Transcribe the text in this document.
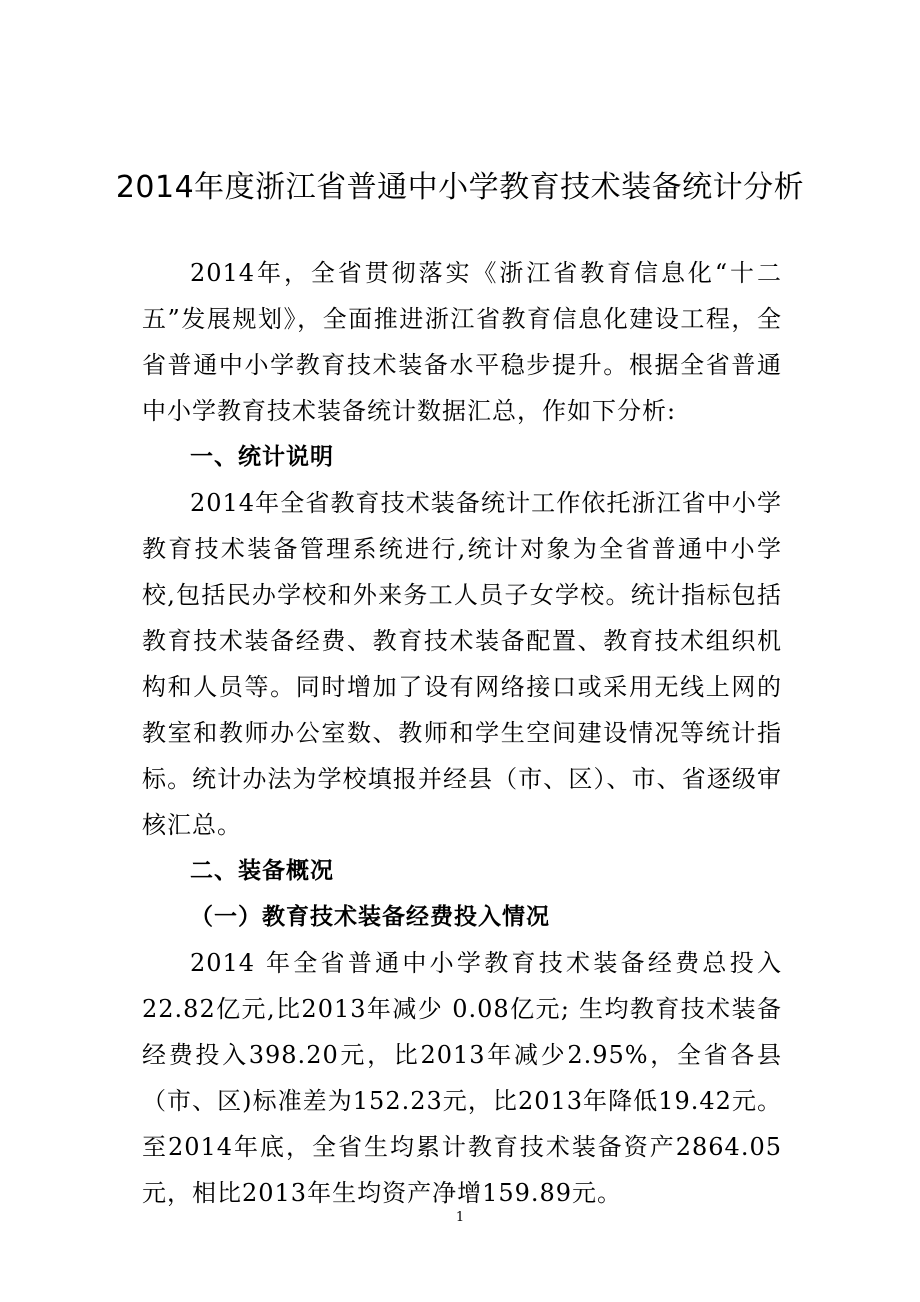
2014年度浙江省普通中小学教育技术装备统计分析

2014年，全省贯彻落实《浙江省教育信息化“十二五”发展规划》，全面推进浙江省教育信息化建设工程，全省普通中小学教育技术装备水平稳步提升。根据全省普通中小学教育技术装备统计数据汇总，作如下分析:

一、统计说明

2014年全省教育技术装备统计工作依托浙江省中小学教育技术装备管理系统进行,统计对象为全省普通中小学校,包括民办学校和外来务工人员子女学校。统计指标包括教育技术装备经费、教育技术装备配置、教育技术组织机构和人员等。同时增加了设有网络接口或采用无线上网的教室和教师办公室数、教师和学生空间建设情况等统计指标。统计办法为学校填报并经县（市、区）、市、省逐级审核汇总。

二、装备概况

（一）教育技术装备经费投入情况

2014 年全省普通中小学教育技术装备经费总投入22.82亿元,比2013年减少 0.08亿元; 生均教育技术装备经费投入398.20元，比2013年减少2.95%，全省各县（市、区)标准差为152.23元，比2013年降低19.42元。至2014年底，全省生均累计教育技术装备资产2864.05元，相比2013年生均资产净增159.89元。

1
